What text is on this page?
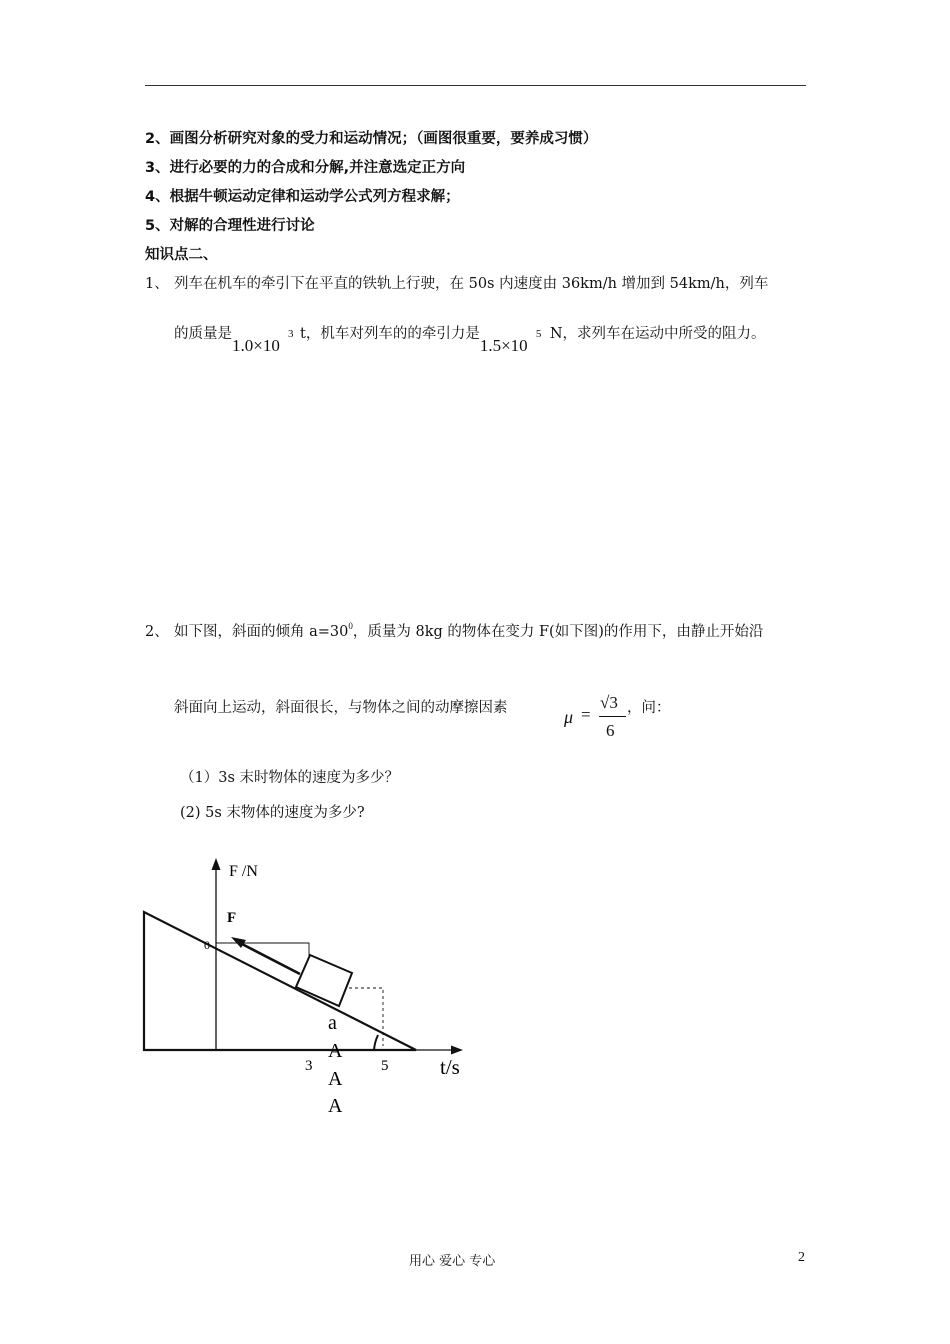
2、画图分析研究对象的受力和运动情况；（画图很重要，要养成习惯）
3、进行必要的力的合成和分解,并注意选定正方向
4、根据牛顿运动定律和运动学公式列方程求解；
5、对解的合理性进行讨论
知识点二、
1、 列车在机车的牵引下在平直的铁轨上行驶，在 50s 内速度由 36km/h 增加到 54km/h，列车
的质量是
1.0×10
3 t，机车对列车的的牵引力是
1.5×10
5 N，求列车在运动中所受的阻力。
2、 如下图，斜面的倾角 $a=30^0$，质量为 8kg 的物体在变力 F(如下图)的作用下，由静止开始沿
斜面向上运动，斜面很长，与物体之间的动摩擦因素	μ =
√3
6
，问：
（1）3s 末时物体的速度为多少？
(2) 5s 末物体的速度为多少?
F /N
t/s
F
0
3	5
a
A
A
A
用心 爱心 专心	2
